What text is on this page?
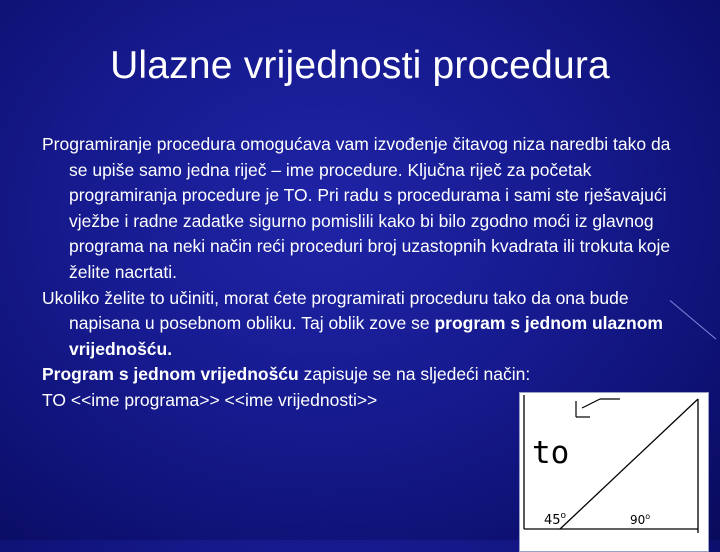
Ulazne vrijednosti procedura

Programiranje procedura omogućava vam izvođenje čitavog niza naredbi tako da se upiše samo jedna riječ – ime procedure. Ključna riječ za početak programiranja procedure je TO. Pri radu s procedurama i sami ste rješavajući vježbe i radne zadatke sigurno pomislili kako bi bilo zgodno moći iz glavnog programa na neki način reći proceduri broj uzastopnih kvadrata ili trokuta koje želite nacrtati.

Ukoliko želite to učiniti, morat ćete programirati proceduru tako da ona bude napisana u posebnom obliku. Taj oblik zove se program s jednom ulaznom vrijednošću.

Program s jednom vrijednošću zapisuje se na sljedeći način:

TO <<ime programa>> <<ime vrijednosti>>

to
45$^o$	90$^o$
